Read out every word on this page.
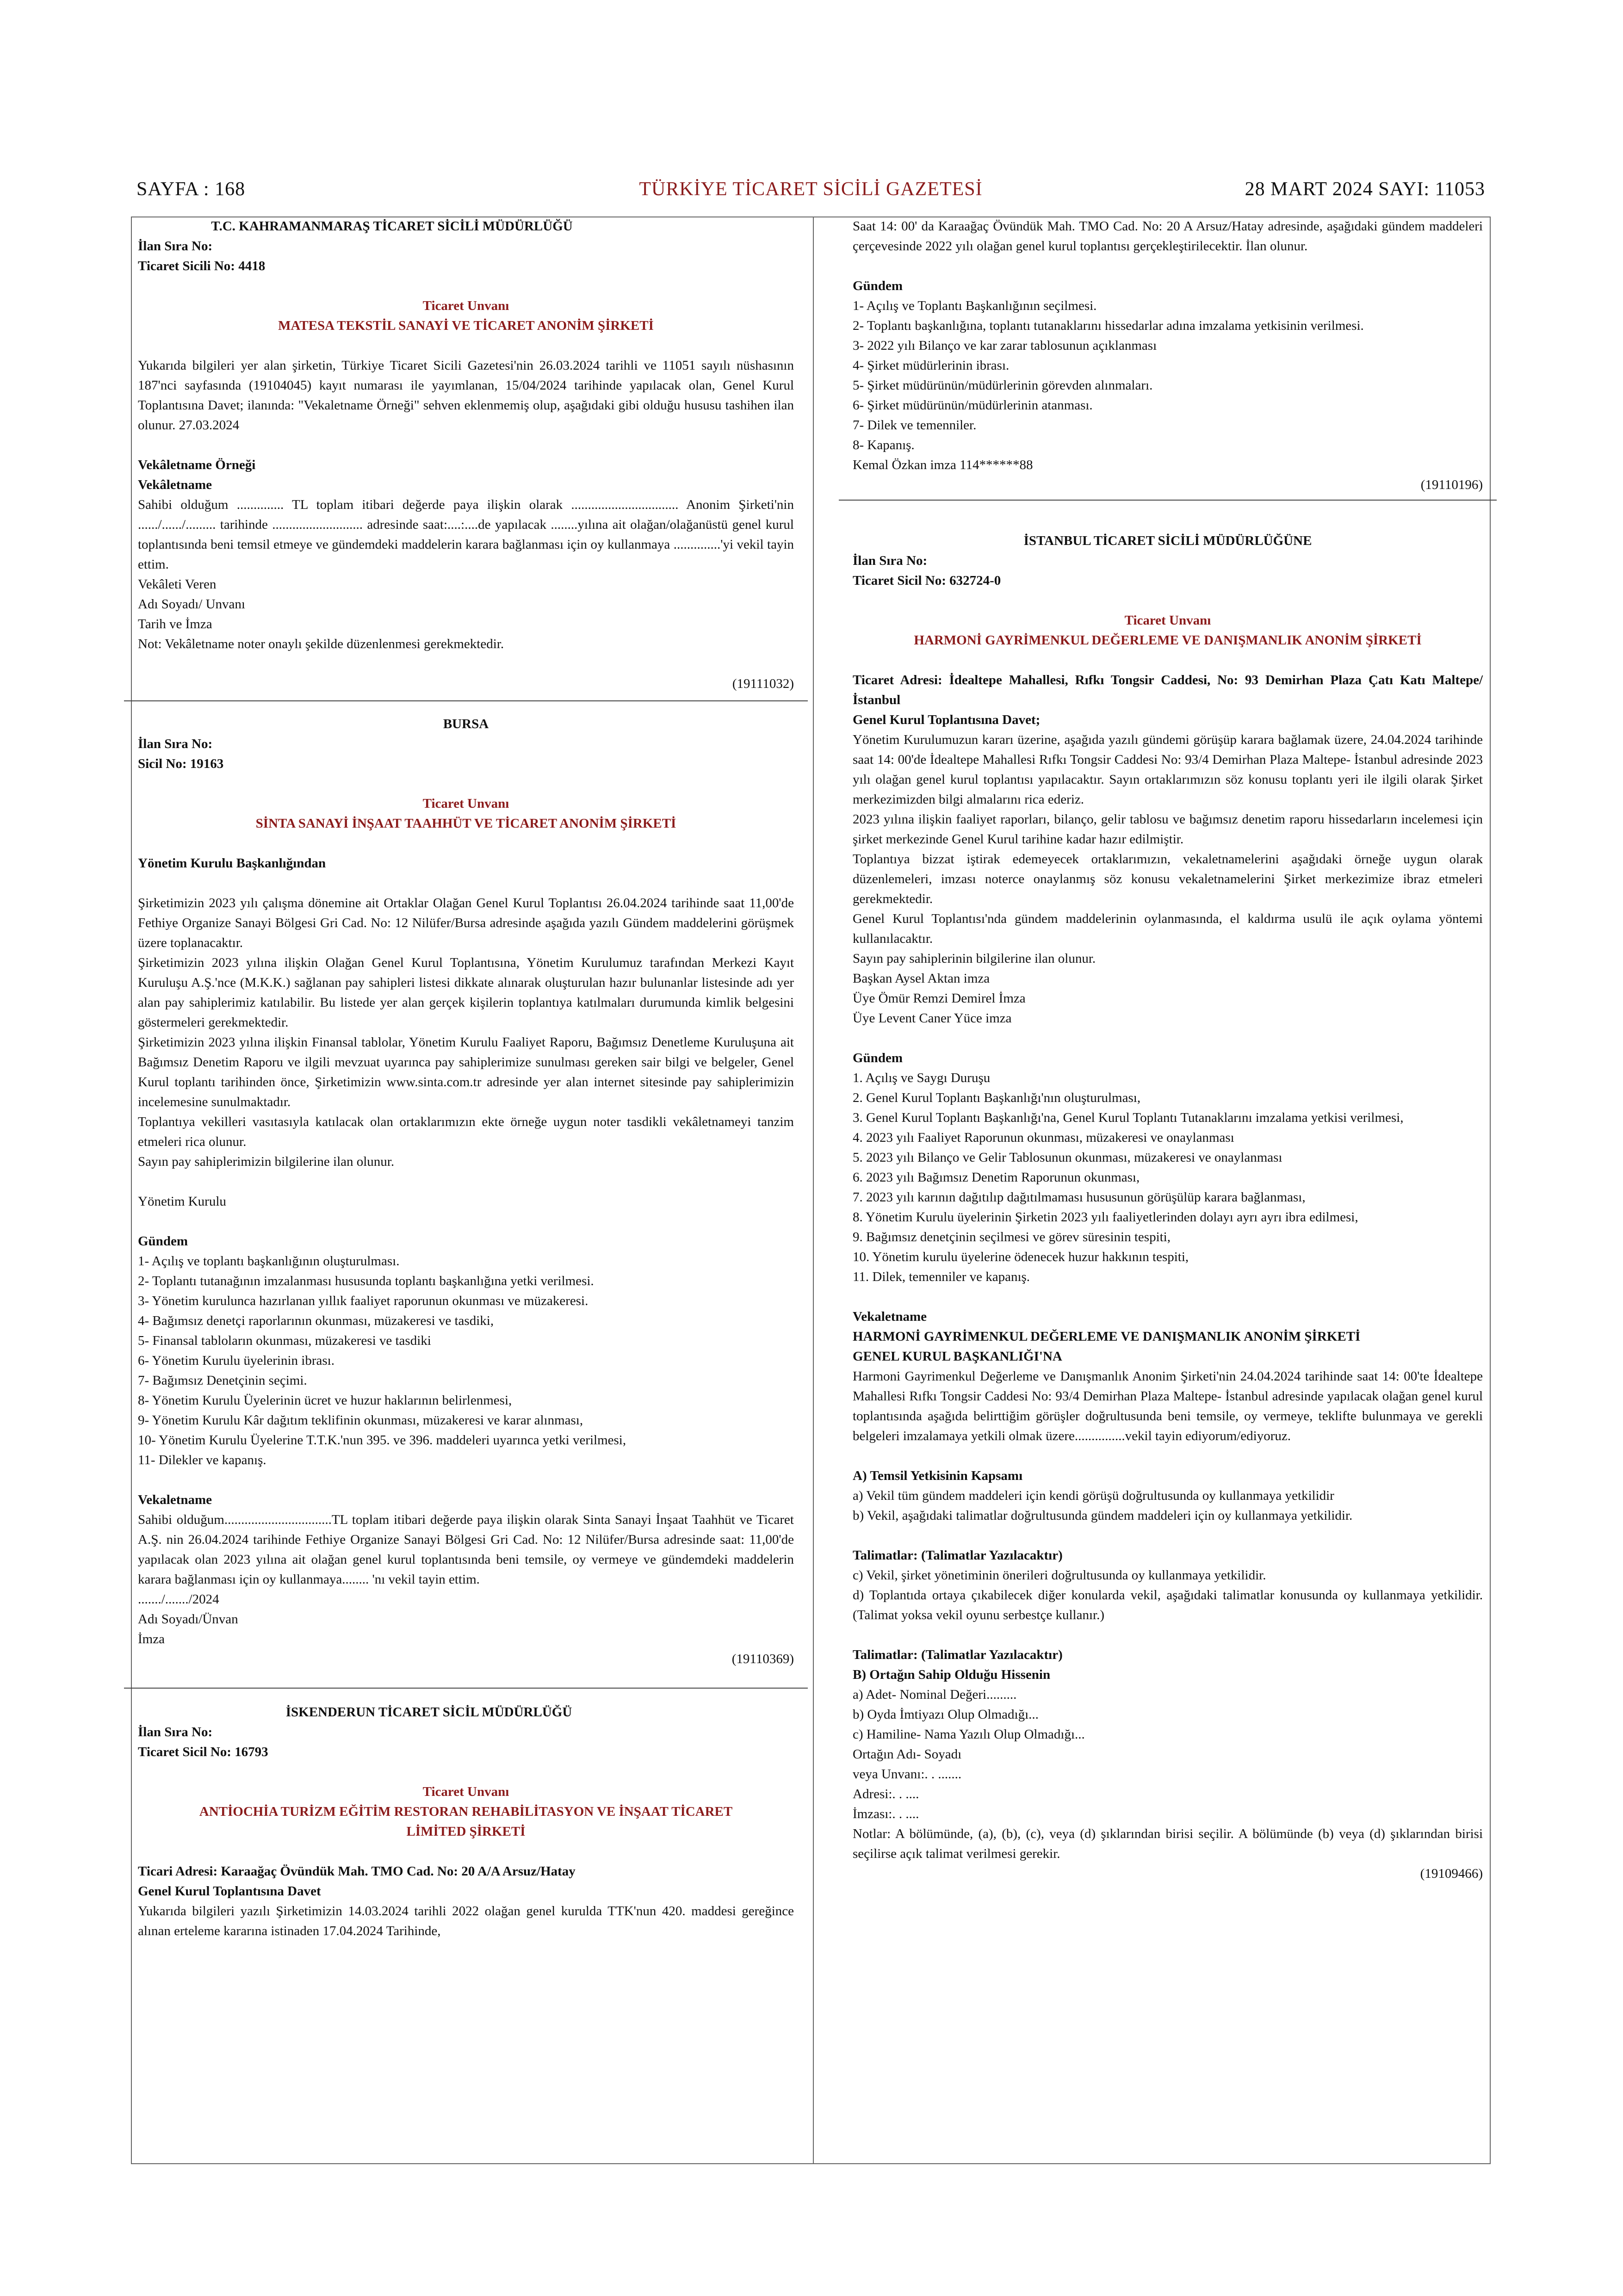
SAYFA : 168	TÜRKİYE TİCARET SİCİLİ GAZETESİ	28 MART 2024 SAYI: 11053
T.C. KAHRAMANMARAŞ TİCARET SİCİLİ MÜDÜRLÜĞÜ
İlan Sıra No:
Ticaret Sicili No: 4418
Ticaret Unvanı
MATESA TEKSTİL SANAYİ VE TİCARET ANONİM ŞİRKETİ
Yukarıda bilgileri yer alan şirketin, Türkiye Ticaret Sicili Gazetesi'nin 26.03.2024 tarihli ve 11051 sayılı nüshasının 187'nci sayfasında (19104045) kayıt numarası ile yayımlanan, 15/04/2024 tarihinde yapılacak olan, Genel Kurul Toplantısına Davet; ilanında: "Vekaletname Örneği" sehven eklenmemiş olup, aşağıdaki gibi olduğu hususu tashihen ilan olunur. 27.03.2024
Vekâletname Örneği
Vekâletname
Sahibi olduğum .............. TL toplam itibari değerde paya ilişkin olarak ................................ Anonim Şirketi'nin ....../....../......... tarihinde ........................... adresinde saat:....:....de yapılacak ........yılına ait olağan/olağanüstü genel kurul toplantısında beni temsil etmeye ve gündemdeki maddelerin karara bağlanması için oy kullanmaya ..............'yi vekil tayin ettim.
Vekâleti Veren
Adı Soyadı/ Unvanı
Tarih ve İmza
Not: Vekâletname noter onaylı şekilde düzenlenmesi gerekmektedir.
(19111032)
BURSA
İlan Sıra No:
Sicil No: 19163
Ticaret Unvanı
SİNTA SANAYİ İNŞAAT TAAHHÜT VE TİCARET ANONİM ŞİRKETİ
Yönetim Kurulu Başkanlığından
Şirketimizin 2023 yılı çalışma dönemine ait Ortaklar Olağan Genel Kurul Toplantısı 26.04.2024 tarihinde saat 11,00'de Fethiye Organize Sanayi Bölgesi Gri Cad. No: 12 Nilüfer/Bursa adresinde aşağıda yazılı Gündem maddelerini görüşmek üzere toplanacaktır.
Şirketimizin 2023 yılına ilişkin Olağan Genel Kurul Toplantısına, Yönetim Kurulumuz tarafından Merkezi Kayıt Kuruluşu A.Ş.'nce (M.K.K.) sağlanan pay sahipleri listesi dikkate alınarak oluşturulan hazır bulunanlar listesinde adı yer alan pay sahiplerimiz katılabilir. Bu listede yer alan gerçek kişilerin toplantıya katılmaları durumunda kimlik belgesini göstermeleri gerekmektedir.
Şirketimizin 2023 yılına ilişkin Finansal tablolar, Yönetim Kurulu Faaliyet Raporu, Bağımsız Denetleme Kuruluşuna ait Bağımsız Denetim Raporu ve ilgili mevzuat uyarınca pay sahiplerimize sunulması gereken sair bilgi ve belgeler, Genel Kurul toplantı tarihinden önce, Şirketimizin www.sinta.com.tr adresinde yer alan internet sitesinde pay sahiplerimizin incelemesine sunulmaktadır.
Toplantıya vekilleri vasıtasıyla katılacak olan ortaklarımızın ekte örneğe uygun noter tasdikli vekâletnameyi tanzim etmeleri rica olunur.
Sayın pay sahiplerimizin bilgilerine ilan olunur.
Yönetim Kurulu
Gündem
1- Açılış ve toplantı başkanlığının oluşturulması.
2- Toplantı tutanağının imzalanması hususunda toplantı başkanlığına yetki verilmesi.
3- Yönetim kurulunca hazırlanan yıllık faaliyet raporunun okunması ve müzakeresi.
4- Bağımsız denetçi raporlarının okunması, müzakeresi ve tasdiki,
5- Finansal tabloların okunması, müzakeresi ve tasdiki
6- Yönetim Kurulu üyelerinin ibrası.
7- Bağımsız Denetçinin seçimi.
8- Yönetim Kurulu Üyelerinin ücret ve huzur haklarının belirlenmesi,
9- Yönetim Kurulu Kâr dağıtım teklifinin okunması, müzakeresi ve karar alınması,
10- Yönetim Kurulu Üyelerine T.T.K.'nun 395. ve 396. maddeleri uyarınca yetki verilmesi,
11- Dilekler ve kapanış.
Vekaletname
Sahibi olduğum................................TL toplam itibari değerde paya ilişkin olarak Sinta Sanayi İnşaat Taahhüt ve Ticaret A.Ş. nin 26.04.2024 tarihinde Fethiye Organize Sanayi Bölgesi Gri Cad. No: 12 Nilüfer/Bursa adresinde saat: 11,00'de yapılacak olan 2023 yılına ait olağan genel kurul toplantısında beni temsile, oy vermeye ve gündemdeki maddelerin karara bağlanması için oy kullanmaya........ 'nı vekil tayin ettim.
......./......./2024
Adı Soyadı/Ünvan
İmza
(19110369)
İSKENDERUN TİCARET SİCİL MÜDÜRLÜĞÜ
İlan Sıra No:
Ticaret Sicil No: 16793
Ticaret Unvanı
ANTİOCHİA TURİZM EĞİTİM RESTORAN REHABİLİTASYON VE İNŞAAT TİCARET LİMİTED ŞİRKETİ
Ticari Adresi: Karaağaç Övündük Mah. TMO Cad. No: 20 A/A Arsuz/Hatay
Genel Kurul Toplantısına Davet
Yukarıda bilgileri yazılı Şirketimizin 14.03.2024 tarihli 2022 olağan genel kurulda TTK'nun 420. maddesi gereğince alınan erteleme kararına istinaden 17.04.2024 Tarihinde,
Saat 14: 00' da Karaağaç Övündük Mah. TMO Cad. No: 20 A Arsuz/Hatay adresinde, aşağıdaki gündem maddeleri çerçevesinde 2022 yılı olağan genel kurul toplantısı gerçekleştirilecektir. İlan olunur.
Gündem
1- Açılış ve Toplantı Başkanlığının seçilmesi.
2- Toplantı başkanlığına, toplantı tutanaklarını hissedarlar adına imzalama yetkisinin verilmesi.
3- 2022 yılı Bilanço ve kar zarar tablosunun açıklanması
4- Şirket müdürlerinin ibrası.
5- Şirket müdürünün/müdürlerinin görevden alınmaları.
6- Şirket müdürünün/müdürlerinin atanması.
7- Dilek ve temenniler.
8- Kapanış.
Kemal Özkan imza 114******88
(19110196)
İSTANBUL TİCARET SİCİLİ MÜDÜRLÜĞÜNE
İlan Sıra No:
Ticaret Sicil No: 632724-0
Ticaret Unvanı
HARMONİ GAYRİMENKUL DEĞERLEME VE DANIŞMANLIK ANONİM ŞİRKETİ
Ticaret Adresi: İdealtepe Mahallesi, Rıfkı Tongsir Caddesi, No: 93 Demirhan Plaza Çatı Katı Maltepe/İstanbul
Genel Kurul Toplantısına Davet;
Yönetim Kurulumuzun kararı üzerine, aşağıda yazılı gündemi görüşüp karara bağlamak üzere, 24.04.2024 tarihinde saat 14: 00'de İdealtepe Mahallesi Rıfkı Tongsir Caddesi No: 93/4 Demirhan Plaza Maltepe- İstanbul adresinde 2023 yılı olağan genel kurul toplantısı yapılacaktır. Sayın ortaklarımızın söz konusu toplantı yeri ile ilgili olarak Şirket merkezimizden bilgi almalarını rica ederiz.
2023 yılına ilişkin faaliyet raporları, bilanço, gelir tablosu ve bağımsız denetim raporu hissedarların incelemesi için şirket merkezinde Genel Kurul tarihine kadar hazır edilmiştir.
Toplantıya bizzat iştirak edemeyecek ortaklarımızın, vekaletnamelerini aşağıdaki örneğe uygun olarak düzenlemeleri, imzası noterce onaylanmış söz konusu vekaletnamelerini Şirket merkezimize ibraz etmeleri gerekmektedir.
Genel Kurul Toplantısı'nda gündem maddelerinin oylanmasında, el kaldırma usulü ile açık oylama yöntemi kullanılacaktır.
Sayın pay sahiplerinin bilgilerine ilan olunur.
Başkan Aysel Aktan imza
Üye Ömür Remzi Demirel İmza
Üye Levent Caner Yüce imza
Gündem
1. Açılış ve Saygı Duruşu
2. Genel Kurul Toplantı Başkanlığı'nın oluşturulması,
3. Genel Kurul Toplantı Başkanlığı'na, Genel Kurul Toplantı Tutanaklarını imzalama yetkisi verilmesi,
4. 2023 yılı Faaliyet Raporunun okunması, müzakeresi ve onaylanması
5. 2023 yılı Bilanço ve Gelir Tablosunun okunması, müzakeresi ve onaylanması
6. 2023 yılı Bağımsız Denetim Raporunun okunması,
7. 2023 yılı karının dağıtılıp dağıtılmaması hususunun görüşülüp karara bağlanması,
8. Yönetim Kurulu üyelerinin Şirketin 2023 yılı faaliyetlerinden dolayı ayrı ayrı ibra edilmesi,
9. Bağımsız denetçinin seçilmesi ve görev süresinin tespiti,
10. Yönetim kurulu üyelerine ödenecek huzur hakkının tespiti,
11. Dilek, temenniler ve kapanış.
Vekaletname
HARMONİ GAYRİMENKUL DEĞERLEME VE DANIŞMANLIK ANONİM ŞİRKETİ
GENEL KURUL BAŞKANLIĞI'NA
Harmoni Gayrimenkul Değerleme ve Danışmanlık Anonim Şirketi'nin 24.04.2024 tarihinde saat 14: 00'te İdealtepe Mahallesi Rıfkı Tongsir Caddesi No: 93/4 Demirhan Plaza Maltepe- İstanbul adresinde yapılacak olağan genel kurul toplantısında aşağıda belirttiğim görüşler doğrultusunda beni temsile, oy vermeye, teklifte bulunmaya ve gerekli belgeleri imzalamaya yetkili olmak üzere...............vekil tayin ediyorum/ediyoruz.
A) Temsil Yetkisinin Kapsamı
a) Vekil tüm gündem maddeleri için kendi görüşü doğrultusunda oy kullanmaya yetkilidir
b) Vekil, aşağıdaki talimatlar doğrultusunda gündem maddeleri için oy kullanmaya yetkilidir.
Talimatlar: (Talimatlar Yazılacaktır)
c) Vekil, şirket yönetiminin önerileri doğrultusunda oy kullanmaya yetkilidir.
d) Toplantıda ortaya çıkabilecek diğer konularda vekil, aşağıdaki talimatlar konusunda oy kullanmaya yetkilidir. (Talimat yoksa vekil oyunu serbestçe kullanır.)
Talimatlar: (Talimatlar Yazılacaktır)
B) Ortağın Sahip Olduğu Hissenin
a) Adet- Nominal Değeri.........
b) Oyda İmtiyazı Olup Olmadığı...
c) Hamiline- Nama Yazılı Olup Olmadığı...
Ortağın Adı- Soyadı
veya Unvanı:. . .......
Adresi:. . ....
İmzası:. . ....
Notlar: A bölümünde, (a), (b), (c), veya (d) şıklarından birisi seçilir. A bölümünde (b) veya (d) şıklarından birisi seçilirse açık talimat verilmesi gerekir.
(19109466)
